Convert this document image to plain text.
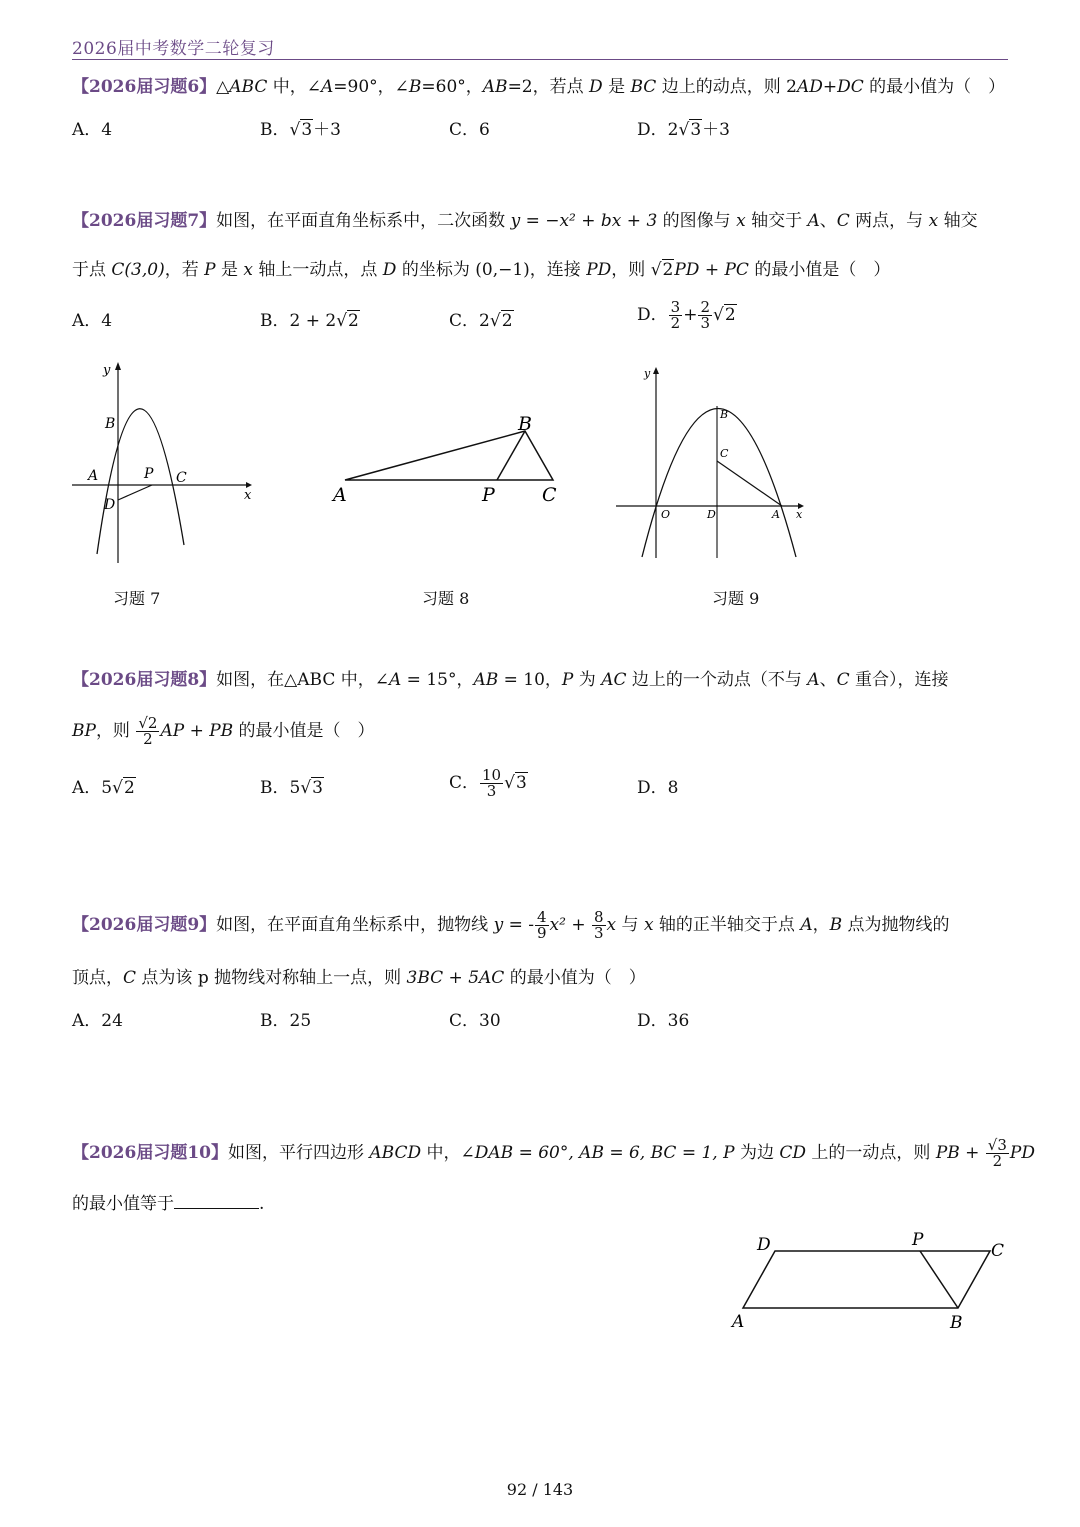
2026届中考数学二轮复习
【2026届习题6】△ABC 中，∠A=90°，∠B=60°，AB=2，若点 D 是 BC 边上的动点，则 2AD+DC 的最小值为（　）
A．4	B．√3＋3	C．6	D．2√3＋3
【2026届习题7】如图，在平面直角坐标系中，二次函数 y = −x² + bx + 3 的图像与 x 轴交于 A、C 两点，与 x 轴交
于点 C(3,0)，若 P 是 x 轴上一动点，点 D 的坐标为 (0,−1)，连接 PD，则 √2PD + PC 的最小值是（　）
A．4	B．2 + 2√2	C．2√2	D． $\frac{3}{2} + \frac{2}{3} √2$
y
x
B
A	P C
D
习题 7
A
B
P C
习题 8
y
x
B
C
O	D	A
习题 9
【2026届习题8】如图，在△ABC 中，∠A = 15°，AB = 10，P 为 AC 边上的一个动点（不与 A、C 重合），连接
BP，则 $\frac{√2}{2}$ AP + PB 的最小值是（　）
A．5√2	B．5√3	C． $\frac{10}{3} √3$	D．8
【2026届习题9】如图，在平面直角坐标系中，抛物线 y = - $\frac{4}{9} x^2 + \frac{8}{3}$ x 与 x 轴的正半轴交于点 A，B 点为抛物线的
顶点，C 点为该 p 抛物线对称轴上一点，则 3BC + 5AC 的最小值为（　）
A．24	B．25	C．30	D．36
【2026届习题10】如图，平行四边形 ABCD 中，∠DAB = 60°, AB = 6, BC = 1, P 为边 CD 上的一动点，则 PB + $\frac{√3}{2}$ PD
的最小值等于	.
D	P
C
A	B
92 / 143
